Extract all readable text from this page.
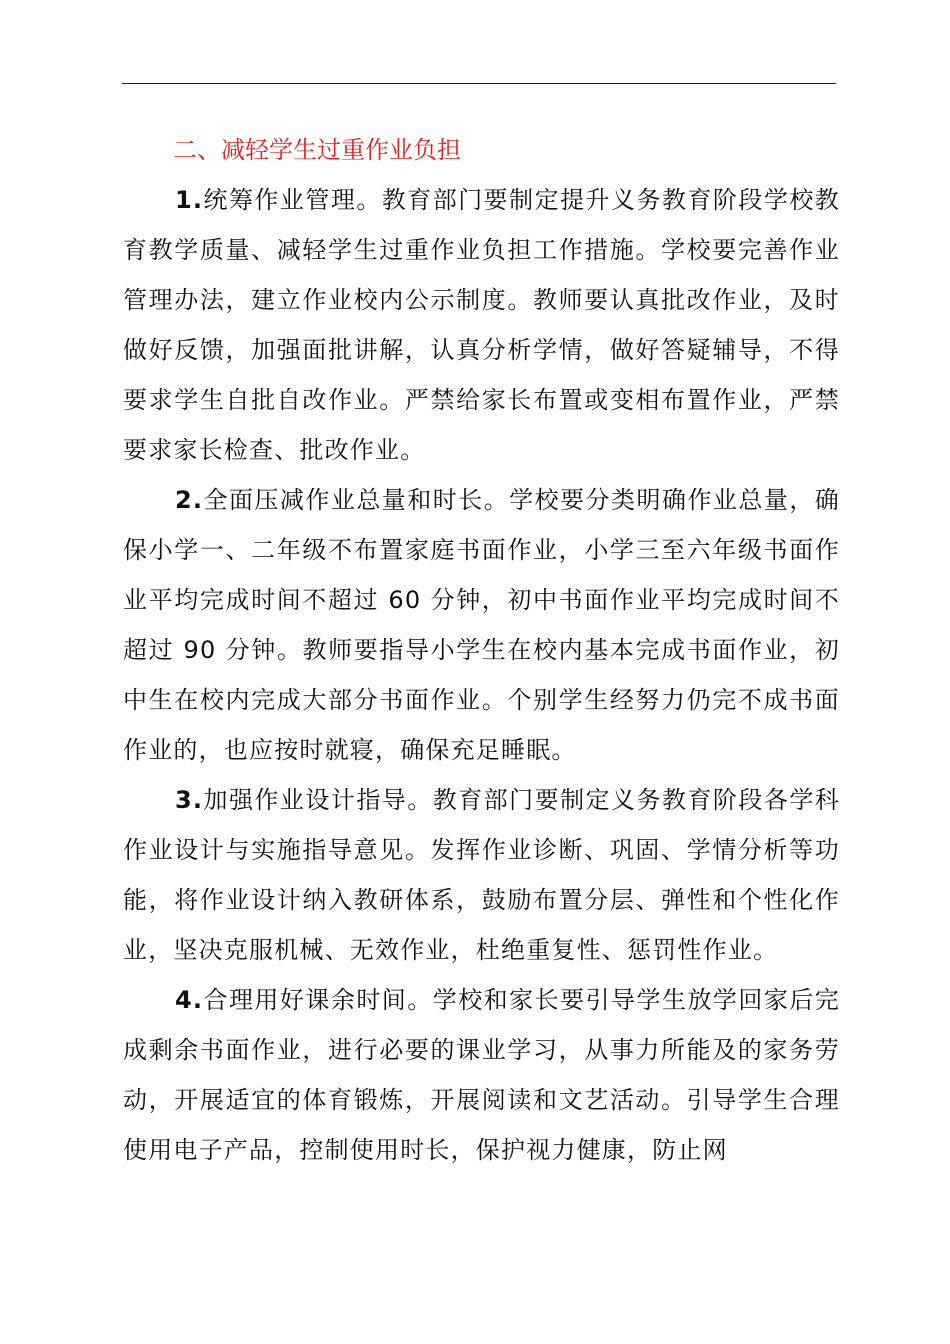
二、减轻学生过重作业负担

1.统筹作业管理。教育部门要制定提升义务教育阶段学校教育教学质量、减轻学生过重作业负担工作措施。学校要完善作业管理办法，建立作业校内公示制度。教师要认真批改作业，及时做好反馈，加强面批讲解，认真分析学情，做好答疑辅导，不得要求学生自批自改作业。严禁给家长布置或变相布置作业，严禁要求家长检查、批改作业。

2.全面压减作业总量和时长。学校要分类明确作业总量，确保小学一、二年级不布置家庭书面作业，小学三至六年级书面作业平均完成时间不超过 60 分钟，初中书面作业平均完成时间不超过 90 分钟。教师要指导小学生在校内基本完成书面作业，初中生在校内完成大部分书面作业。个别学生经努力仍完不成书面作业的，也应按时就寝，确保充足睡眠。

3.加强作业设计指导。教育部门要制定义务教育阶段各学科作业设计与实施指导意见。发挥作业诊断、巩固、学情分析等功能，将作业设计纳入教研体系，鼓励布置分层、弹性和个性化作业，坚决克服机械、无效作业，杜绝重复性、惩罚性作业。

4.合理用好课余时间。学校和家长要引导学生放学回家后完成剩余书面作业，进行必要的课业学习，从事力所能及的家务劳动，开展适宜的体育锻炼，开展阅读和文艺活动。引导学生合理使用电子产品，控制使用时长，保护视力健康，防止网
